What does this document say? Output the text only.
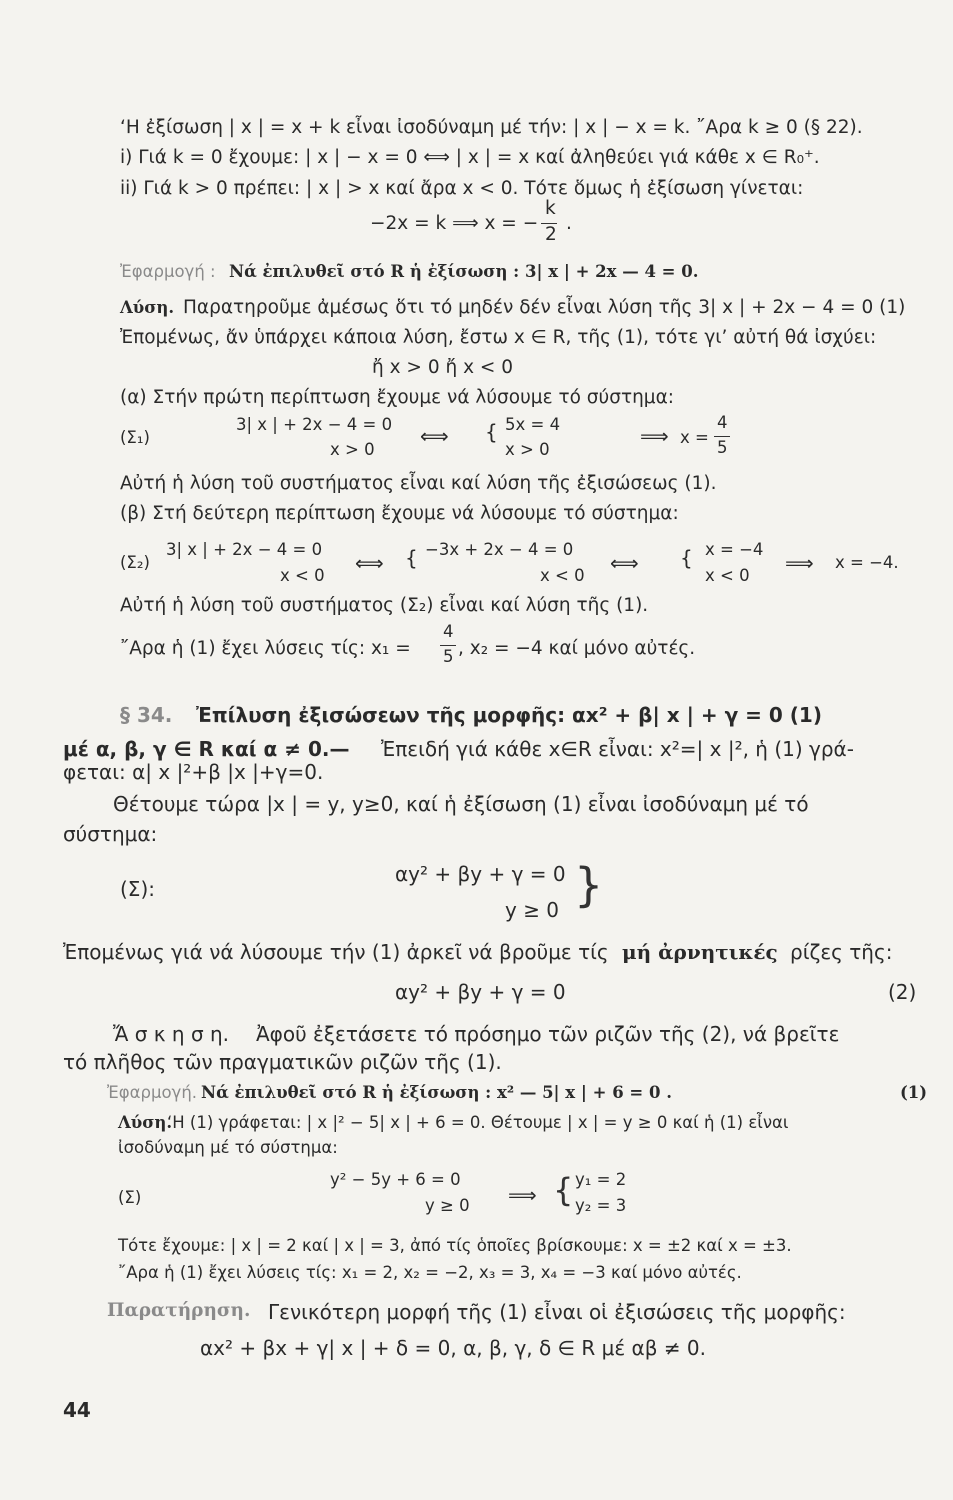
‘Η ἐξίσωση | x | = x + k εἶναι ἰσοδύναμη μέ τήν: | x | − x = k. ῎Αρα k ≥ 0 (§ 22).
i) Γιά k = 0 ἔχουμε: | x | − x = 0 ⟺ | x | = x καί ἀληθεύει γιά κάθε x ∈ R₀⁺.
ii) Γιά k > 0 πρέπει: | x | > x καί ἄρα x < 0. Τότε ὅμως ἡ ἐξίσωση γίνεται:
−2x = k ⟹ x = −
k
2
.
Ἐφαρμογή : Νά ἐπιλυθεῖ στό R ἡ ἐξίσωση : 3| x | + 2x — 4 = 0.
Λύση. Παρατηροῦμε ἀμέσως ὅτι τό μηδέν δέν εἶναι λύση τῆς 3| x | + 2x − 4 = 0 (1)
Ἐπομένως, ἄν ὑπάρχει κάποια λύση, ἔστω x ∈ R, τῆς (1), τότε γι’ αὐτή θά ἰσχύει:
ἤ x > 0 ἤ x < 0
(α) Στήν πρώτη περίπτωση ἔχουμε νά λύσουμε τό σύστημα:
(Σ₁)
3| x | + 2x − 4 = 0
x > 0
⟺ { 5x = 4
x > 0
⟹ x =
4
5
Αὐτή ἡ λύση τοῦ συστήματος εἶναι καί λύση τῆς ἐξισώσεως (1).
(β) Στή δεύτερη περίπτωση ἔχουμε νά λύσουμε τό σύστημα:
(Σ₂)
3| x | + 2x − 4 = 0
x < 0
⟺ { −3x + 2x − 4 = 0
x < 0
⟺ { x = −4
x < 0
⟹ x = −4.
Αὐτή ἡ λύση τοῦ συστήματος (Σ₂) εἶναι καί λύση τῆς (1).
῎Αρα ἡ (1) ἔχει λύσεις τίς: x₁ =
4
5 , x₂ = −4 καί μόνο αὐτές.
§ 34. Ἐπίλυση ἐξισώσεων τῆς μορφῆς: αx² + β| x | + γ = 0 (1)
μέ α, β, γ ∈ R καί α ≠ 0.— Ἐπειδή γιά κάθε x∈R εἶναι: x²=| x |², ἡ (1) γρά-
φεται: α| x |²+β |x |+γ=0.
Θέτουμε τώρα |x | = y, y≥0, καί ἡ ἐξίσωση (1) εἶναι ἰσοδύναμη μέ τό
σύστημα:
(Σ):
αy² + βy + γ = 0
y ≥ 0 }
Ἐπομένως γιά νά λύσουμε τήν (1) ἀρκεῖ νά βροῦμε τίς μή ἀρνητικές ρίζες τῆς:
αy² + βy + γ = 0	(2)
Ἄ σ κ η σ η. Ἀφοῦ ἐξετάσετε τό πρόσημο τῶν ριζῶν τῆς (2), νά βρεῖτε
τό πλῆθος τῶν πραγματικῶν ριζῶν τῆς (1).
Ἐφαρμογή. Νά ἐπιλυθεῖ στό R ἡ ἐξίσωση : x² — 5| x | + 6 = 0 .	(1)
Λύση.
‘Η (1) γράφεται: | x |² − 5| x | + 6 = 0. Θέτουμε | x | = y ≥ 0 καί ἡ (1) εἶναι
ἰσοδύναμη μέ τό σύστημα:
(Σ)
y² − 5y + 6 = 0
y ≥ 0 ⟹ { y₁ = 2
y₂ = 3
Τότε ἔχουμε: | x | = 2 καί | x | = 3, ἀπό τίς ὁποῖες βρίσκουμε: x = ±2 καί x = ±3.
῎Αρα ἡ (1) ἔχει λύσεις τίς: x₁ = 2, x₂ = −2, x₃ = 3, x₄ = −3 καί μόνο αὐτές.
Παρατήρηση. Γενικότερη μορφή τῆς (1) εἶναι οἱ ἐξισώσεις τῆς μορφῆς:
αx² + βx + γ| x | + δ = 0, α, β, γ, δ ∈ R μέ αβ ≠ 0.
44
